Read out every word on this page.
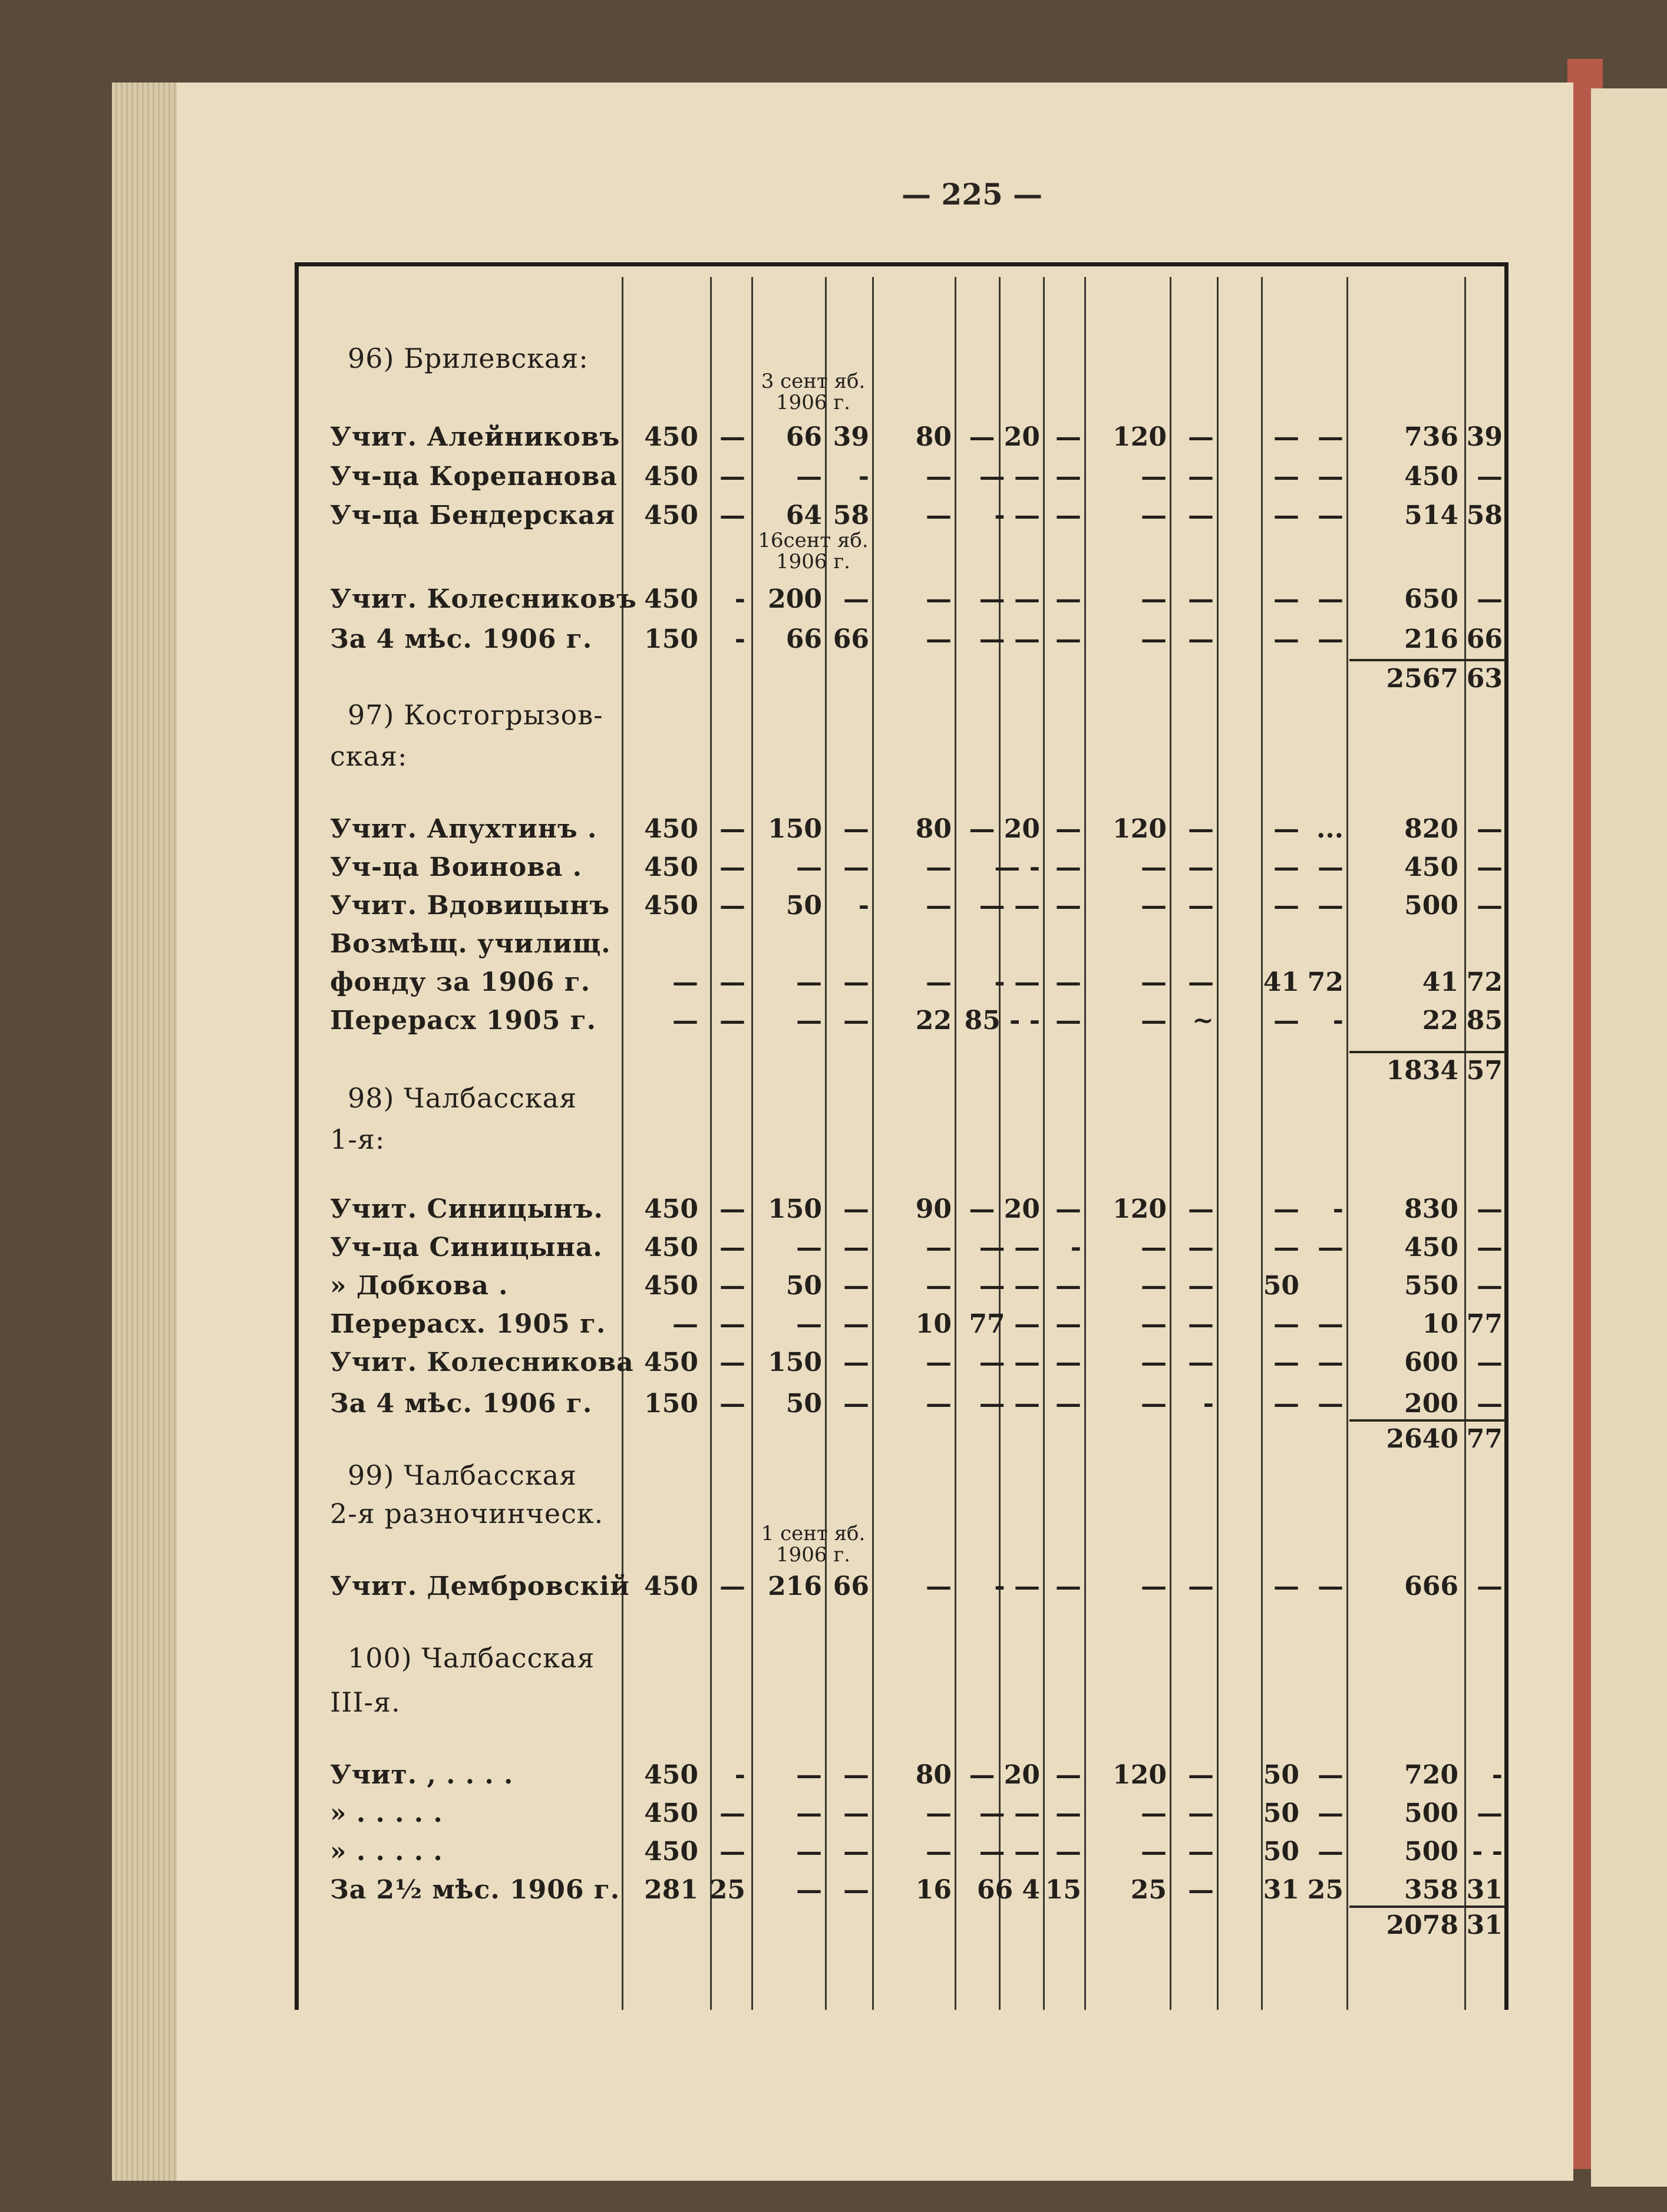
— 225 —
96) Брилевская:
3 сент яб. 1906 г.
Учит. Алейниковъ 450 — 66 39 80 — 20 — 120 — — — 736 39
Уч-ца Корепанова 450 — — - — — — — — — — — 450 —
Уч-ца Бендерская 450 — 64 58 — - — — — — — — 514 58
16сент яб. 1906 г.
Учит. Колесниковъ 450 - 200 — — — — — — — — — 650 —
За 4 мѣс. 1906 г. 150 - 66 66 — — — — — — — — 216 66
2567 63
97) Костогрызов-
ская:
Учит. Апухтинъ . 450 — 150 — 80 — 20 — 120 — — ... 820 —
Уч-ца Воинова . 450 — — — — — - — — — — — 450 —
Учит. Вдовицынъ 450 — 50 - — — — — — — — — 500 —
Возмѣщ. училищ.
фонду за 1906 г.	— — — — — - — — — — 41 72	41 72
Перерасх 1905 г.	— — — — 22 85 - - — — ~ — -	22 85
1834 57
98) Чалбасская
1-я:
Учит. Синицынъ. 450 — 150 — 90 — 20 — 120 — — - 830 —
Уч-ца Синицына. 450 — — — — — — - — — — — 450 —
» Добкова .	450 — 50 — — — — — — — 50	550 —
Перерасх. 1905 г.	— — — — 10 77 — — — — — —	10 77
Учит. Колесникова 450 — 150 — — — — — — — — — 600 —
За 4 мѣс. 1906 г. 150 — 50 — — — — — — - — — 200 —
2640 77
99) Чалбасская
2-я разночинческ.
1 сент яб. 1906 г.
Учит. Дембровскій 450 — 216 66 — - — — — — — — 666 —
100) Чалбасская
III-я.
Учит. , . . . .	450 - — — 80 — 20 — 120 — 50 — 720 -
» . . . . .	450 — — — — — — — — — 50 — 500 —
» . . . . .	450 — — — — — — — — — 50 — 500 - -
За 2½ мѣс. 1906 г. 281 25 — — 16 66 4 15 25 — 31 25 358 31
2078 31
